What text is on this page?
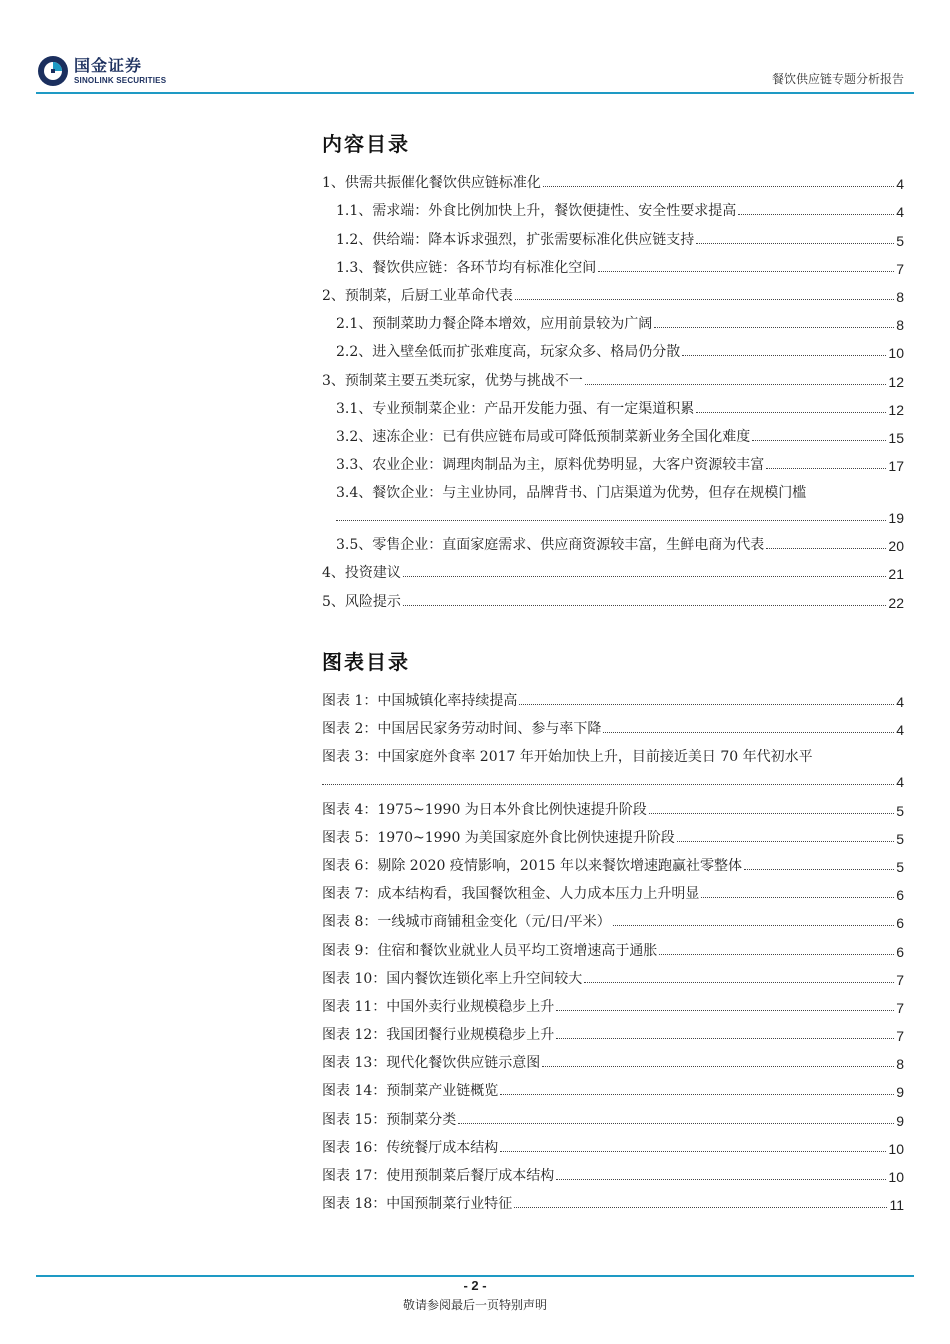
国金证券
SINOLINK SECURITIES	餐饮供应链专题分析报告
内容目录
1、供需共振催化餐饮供应链标准化	4
1.1、需求端：外食比例加快上升，餐饮便捷性、安全性要求提高	4
1.2、供给端：降本诉求强烈，扩张需要标准化供应链支持	5
1.3、餐饮供应链：各环节均有标准化空间	7
2、预制菜，后厨工业革命代表	8
2.1、预制菜助力餐企降本增效，应用前景较为广阔	8
2.2、进入壁垒低而扩张难度高，玩家众多、格局仍分散	10
3、预制菜主要五类玩家，优势与挑战不一	12
3.1、专业预制菜企业：产品开发能力强、有一定渠道积累	12
3.2、速冻企业：已有供应链布局或可降低预制菜新业务全国化难度	15
3.3、农业企业：调理肉制品为主，原料优势明显，大客户资源较丰富	17
3.4、餐饮企业：与主业协同，品牌背书、门店渠道为优势，但存在规模门槛
19
3.5、零售企业：直面家庭需求、供应商资源较丰富，生鲜电商为代表	20
4、投资建议	21
5、风险提示	22
图表目录
图表 1：中国城镇化率持续提高	4
图表 2：中国居民家务劳动时间、参与率下降	4
图表 3：中国家庭外食率 2017 年开始加快上升，目前接近美日 70 年代初水平
4
图表 4：1975~1990 为日本外食比例快速提升阶段	5
图表 5：1970~1990 为美国家庭外食比例快速提升阶段	5
图表 6：剔除 2020 疫情影响，2015 年以来餐饮增速跑赢社零整体	5
图表 7：成本结构看，我国餐饮租金、人力成本压力上升明显	6
图表 8：一线城市商铺租金变化（元/日/平米）	6
图表 9：住宿和餐饮业就业人员平均工资增速高于通胀	6
图表 10：国内餐饮连锁化率上升空间较大	7
图表 11：中国外卖行业规模稳步上升	7
图表 12：我国团餐行业规模稳步上升	7
图表 13：现代化餐饮供应链示意图	8
图表 14：预制菜产业链概览	9
图表 15：预制菜分类	9
图表 16：传统餐厅成本结构	10
图表 17：使用预制菜后餐厅成本结构	10
图表 18：中国预制菜行业特征	11
- 2 -
敬请参阅最后一页特别声明
